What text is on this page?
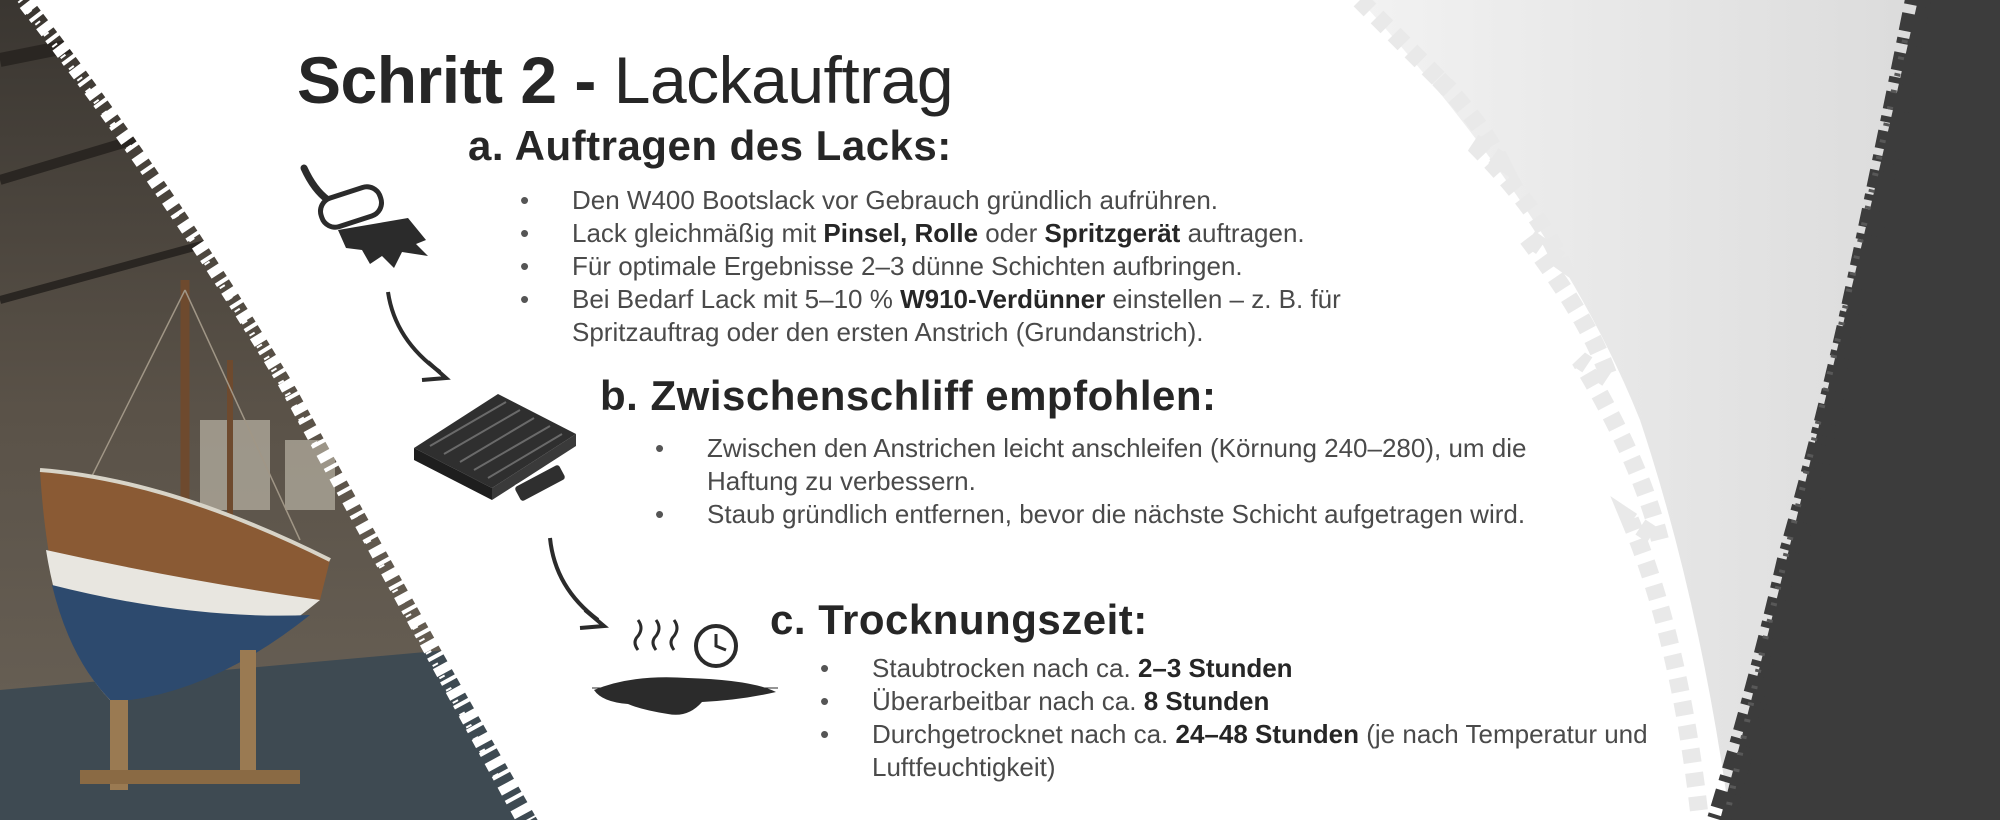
Schritt 2 - Lackauftrag
a. Auftragen des Lacks:
• Den W400 Bootslack vor Gebrauch gründlich aufrühren.
• Lack gleichmäßig mit Pinsel, Rolle oder Spritzgerät auftragen.
• Für optimale Ergebnisse 2–3 dünne Schichten aufbringen.
• Bei Bedarf Lack mit 5–10 % W910-Verdünner einstellen – z. B. für Spritzauftrag oder den ersten Anstrich (Grundanstrich).
b. Zwischenschliff empfohlen:
• Zwischen den Anstrichen leicht anschleifen (Körnung 240–280), um die Haftung zu verbessern.
• Staub gründlich entfernen, bevor die nächste Schicht aufgetragen wird.
c. Trocknungszeit:
• Staubtrocken nach ca. 2–3 Stunden
• Überarbeitbar nach ca. 8 Stunden
• Durchgetrocknet nach ca. 24–48 Stunden (je nach Temperatur und Luftfeuchtigkeit)
